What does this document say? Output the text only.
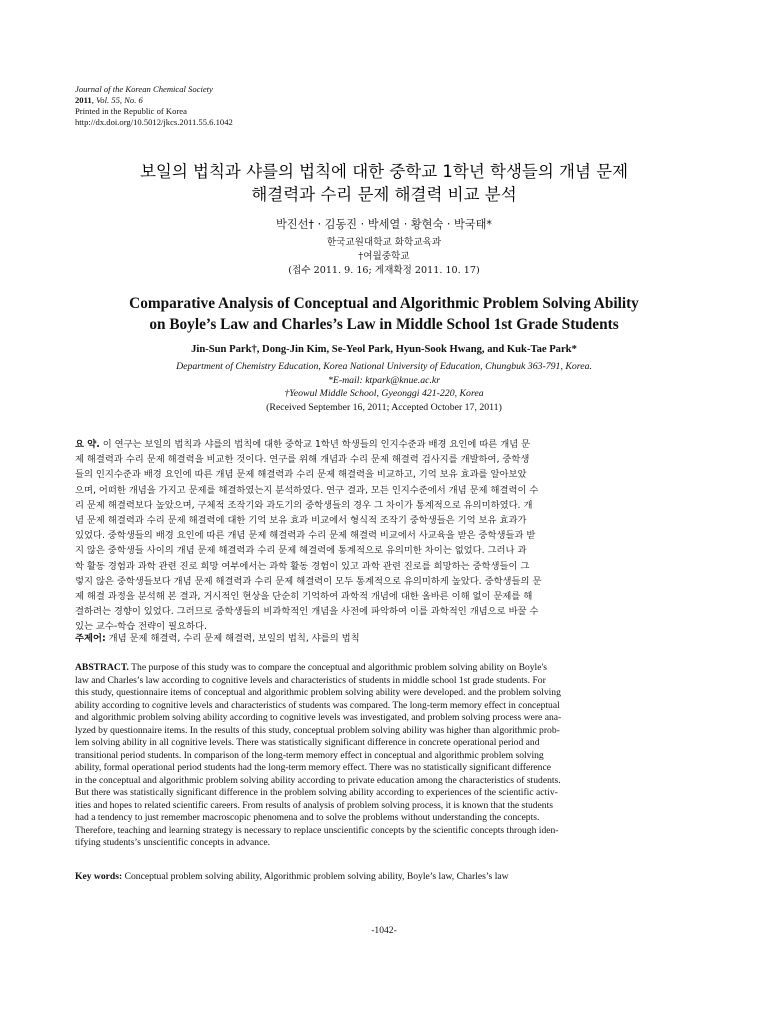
Journal of the Korean Chemical Society
2011, Vol. 55, No. 6
Printed in the Republic of Korea
http://dx.doi.org/10.5012/jkcs.2011.55.6.1042
보일의 법칙과 샤를의 법칙에 대한 중학교 1학년 학생들의 개념 문제
해결력과 수리 문제 해결력 비교 분석
박진선† · 김동진 · 박세열 · 황현숙 · 박국태*
한국교원대학교 화학교육과
†여월중학교
(접수 2011. 9. 16; 게재확정 2011. 10. 17)
Comparative Analysis of Conceptual and Algorithmic Problem Solving Ability
on Boyle’s Law and Charles’s Law in Middle School 1st Grade Students
Jin-Sun Park†, Dong-Jin Kim, Se-Yeol Park, Hyun-Sook Hwang, and Kuk-Tae Park*
Department of Chemistry Education, Korea National University of Education, Chungbuk 363-791, Korea.
*E-mail: ktpark@knue.ac.kr
†Yeowul Middle School, Gyeonggi 421-220, Korea
(Received September 16, 2011; Accepted October 17, 2011)
요 약. 이 연구는 보일의 법칙과 샤를의 법칙에 대한 중학교 1학년 학생들의 인지수준과 배경 요인에 따른 개념 문
제 해결력과 수리 문제 해결력을 비교한 것이다. 연구를 위해 개념과 수리 문제 해결력 검사지를 개발하여, 중학생
들의 인지수준과 배경 요인에 따른 개념 문제 해결력과 수리 문제 해결력을 비교하고, 기억 보유 효과를 알아보았
으며, 어떠한 개념을 가지고 문제를 해결하였는지 분석하였다. 연구 결과, 모든 인지수준에서 개념 문제 해결력이 수
리 문제 해결력보다 높았으며, 구체적 조작기와 과도기의 중학생들의 경우 그 차이가 통계적으로 유의미하였다. 개
념 문제 해결력과 수리 문제 해결력에 대한 기억 보유 효과 비교에서 형식적 조작기 중학생들은 기억 보유 효과가
있었다. 중학생들의 배경 요인에 따른 개념 문제 해결력과 수리 문제 해결력 비교에서 사교육을 받은 중학생들과 받
지 않은 중학생들 사이의 개념 문제 해결력과 수리 문제 해결력에 통계적으로 유의미한 차이는 없었다. 그러나 과
학 활동 경험과 과학 관련 진로 희망 여부에서는 과학 활동 경험이 있고 과학 관련 진로를 희망하는 중학생들이 그
렇지 않은 중학생들보다 개념 문제 해결력과 수리 문제 해결력이 모두 통계적으로 유의미하게 높았다. 중학생들의 문
제 해결 과정을 분석해 본 결과, 거시적인 현상을 단순히 기억하여 과학적 개념에 대한 올바른 이해 없이 문제를 해
결하려는 경향이 있었다. 그러므로 중학생들의 비과학적인 개념을 사전에 파악하여 이를 과학적인 개념으로 바꿀 수
있는 교수-학습 전략이 필요하다.
주제어: 개념 문제 해결력, 수리 문제 해결력, 보일의 법칙, 샤를의 법칙
ABSTRACT. The purpose of this study was to compare the conceptual and algorithmic problem solving ability on Boyle's
law and Charles’s law according to cognitive levels and characteristics of students in middle school 1st grade students. For
this study, questionnaire items of conceptual and algorithmic problem solving ability were developed. and the problem solving
ability according to cognitive levels and characteristics of students was compared. The long-term memory effect in conceptual
and algorithmic problem solving ability according to cognitive levels was investigated, and problem solving process were ana-
lyzed by questionnaire items. In the results of this study, conceptual problem solving ability was higher than algorithmic prob-
lem solving ability in all cognitive levels. There was statistically significant difference in concrete operational period and
transitional period students. In comparison of the long-term memory effect in conceptual and algorithmic problem solving
ability, formal operational period students had the long-term memory effect. There was no statistically significant difference
in the conceptual and algorithmic problem solving ability according to private education among the characteristics of students.
But there was statistically significant difference in the problem solving ability according to experiences of the scientific activ-
ities and hopes to related scientific careers. From results of analysis of problem solving process, it is known that the students
had a tendency to just remember macroscopic phenomena and to solve the problems without understanding the concepts.
Therefore, teaching and learning strategy is necessary to replace unscientific concepts by the scientific concepts through iden-
tifying students’s unscientific concepts in advance.
Key words: Conceptual problem solving ability, Algorithmic problem solving ability, Boyle’s law, Charles’s law
-1042-
